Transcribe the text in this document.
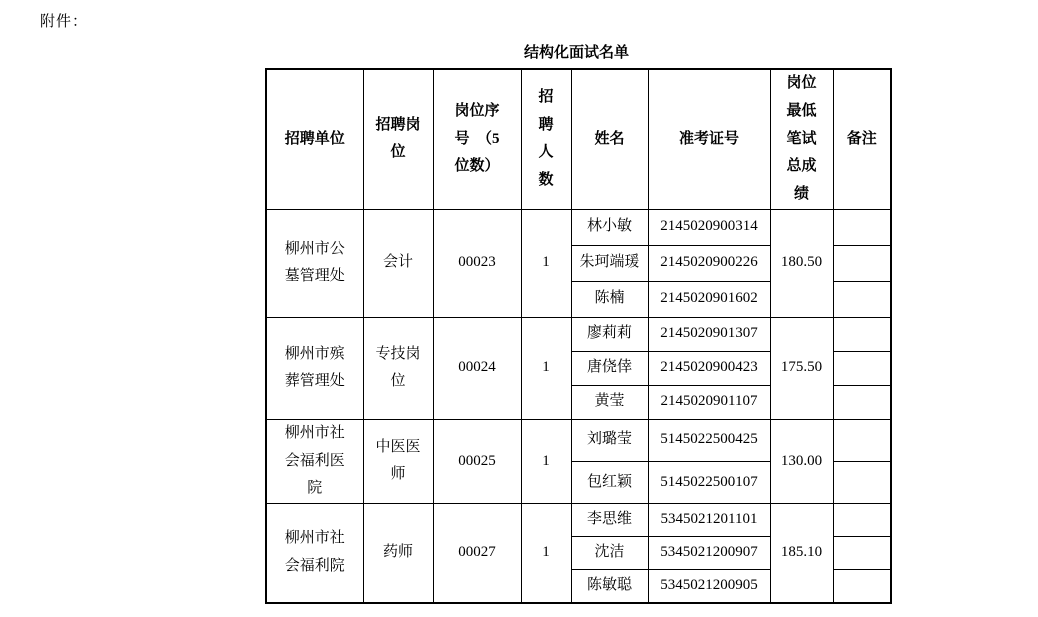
附件：
结构化面试名单
招聘单位	招聘岗位	岗位序号　（5位数）	招聘人数	姓名	准考证号	岗位最低笔试总成绩	备注
柳州市公墓管理处	会计	00023	1	林小敏	2145020900314	180.50	
				朱珂端瑗	2145020900226		
				陈楠	2145020901602		
柳州市殡葬管理处	专技岗位	00024	1	廖莉莉	2145020901307	175.50	
				唐侥倖	2145020900423		
				黄莹	2145020901107		
柳州市社会福利医院	中医医师	00025	1	刘璐莹	5145022500425	130.00	
				包红颖	5145022500107		
柳州市社会福利院	药师	00027	1	李思维	5345021201101	185.10	
				沈洁	5345021200907		
				陈敏聪	5345021200905		
